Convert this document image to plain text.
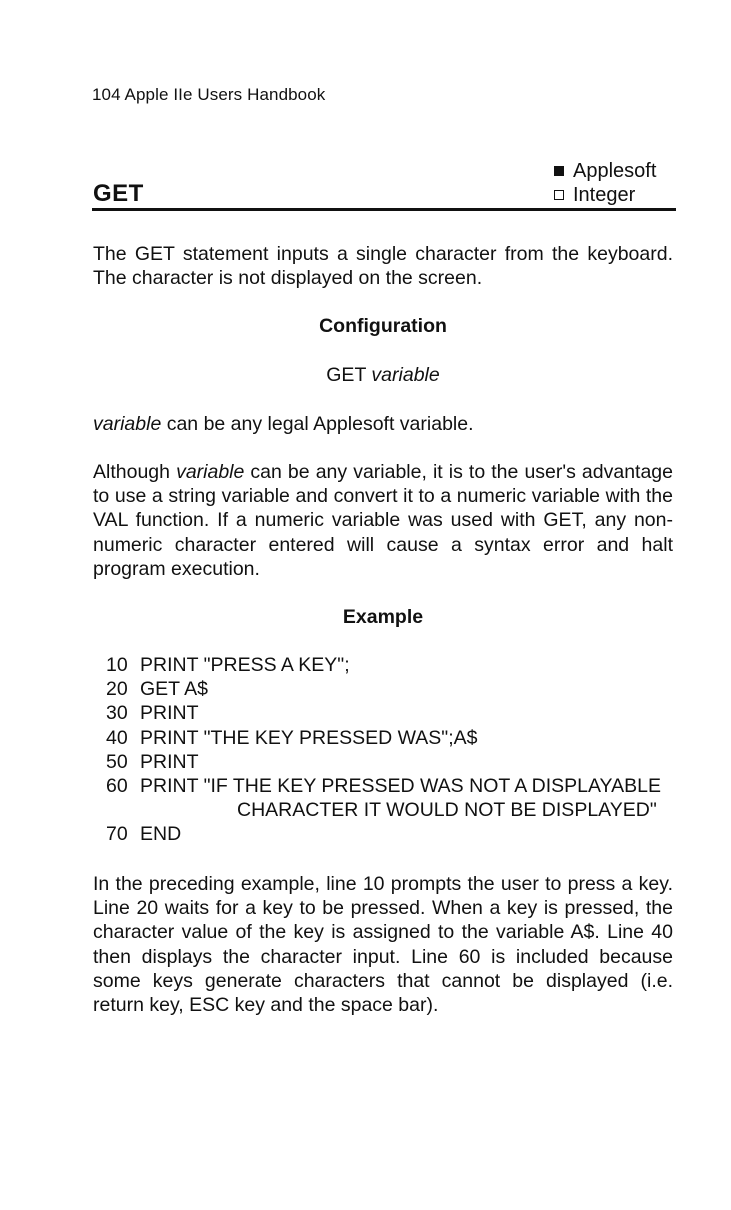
104 Apple IIe Users Handbook
Applesoft
Integer
GET
The GET statement inputs a single character from the keyboard. The character is not displayed on the screen.
Configuration
GET variable
variable can be any legal Applesoft variable.
Although variable can be any variable, it is to the user's advantage to use a string variable and convert it to a numeric variable with the VAL function. If a numeric variable was used with GET, any non-numeric character entered will cause a syntax error and halt program execution.
Example
10 PRINT "PRESS A KEY";
20 GET A$
30 PRINT
40 PRINT "THE KEY PRESSED WAS";A$
50 PRINT
60 PRINT "IF THE KEY PRESSED WAS NOT A DISPLAYABLE
CHARACTER IT WOULD NOT BE DISPLAYED"
70 END
In the preceding example, line 10 prompts the user to press a key. Line 20 waits for a key to be pressed. When a key is pressed, the character value of the key is assigned to the variable A$. Line 40 then displays the character input. Line 60 is included because some keys generate characters that cannot be displayed (i.e. return key, ESC key and the space bar).
